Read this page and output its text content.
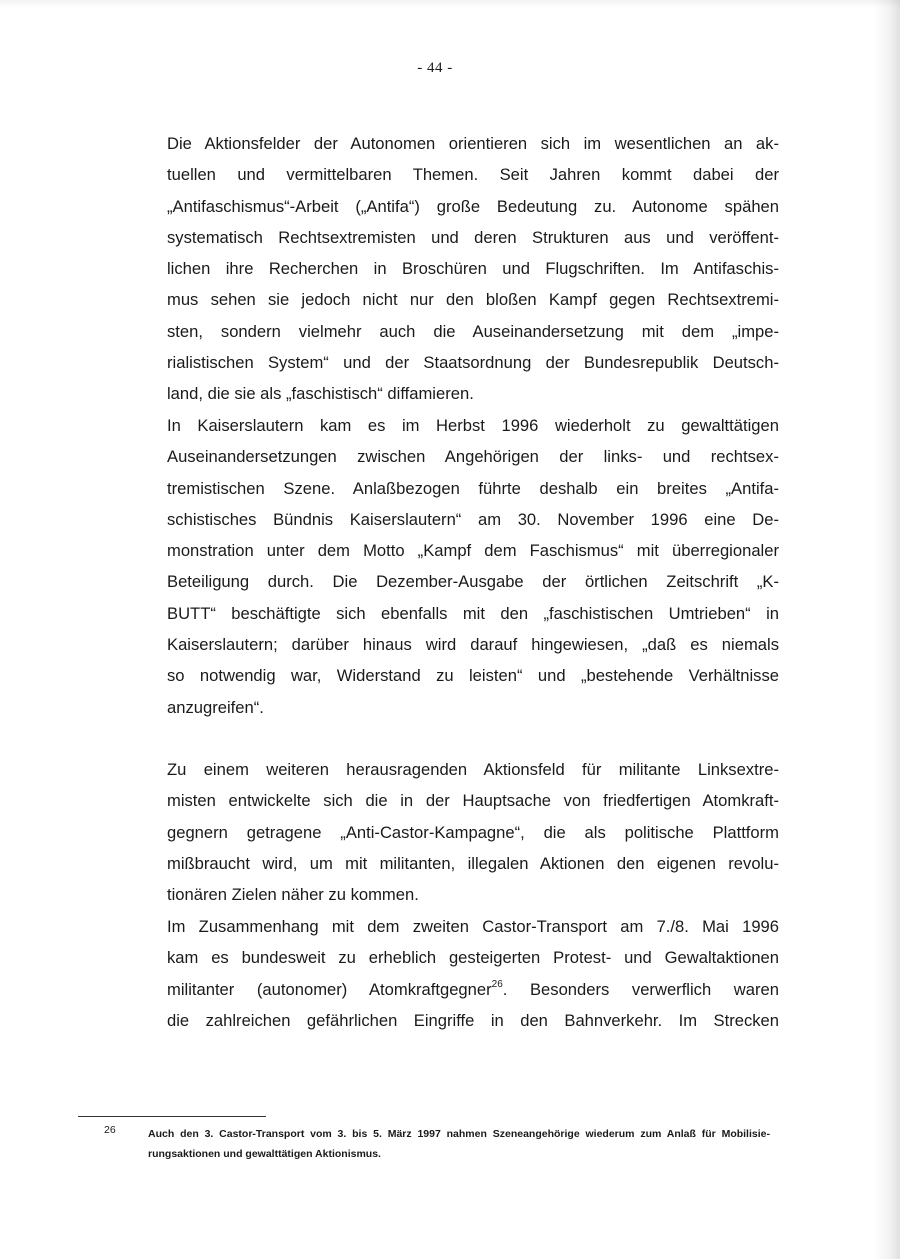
- 44 -
Die Aktionsfelder der Autonomen orientieren sich im wesentlichen an ak-
tuellen und vermittelbaren Themen. Seit Jahren kommt dabei der
„Antifaschismus“-Arbeit („Antifa“) große Bedeutung zu. Autonome spähen
systematisch Rechtsextremisten und deren Strukturen aus und veröffent-
lichen ihre Recherchen in Broschüren und Flugschriften. Im Antifaschis-
mus sehen sie jedoch nicht nur den bloßen Kampf gegen Rechtsextremi-
sten, sondern vielmehr auch die Auseinandersetzung mit dem „impe-
rialistischen System“ und der Staatsordnung der Bundesrepublik Deutsch-
land, die sie als „faschistisch“ diffamieren.
In Kaiserslautern kam es im Herbst 1996 wiederholt zu gewalttätigen
Auseinandersetzungen zwischen Angehörigen der links- und rechtsex-
tremistischen Szene. Anlaßbezogen führte deshalb ein breites „Antifa-
schistisches Bündnis Kaiserslautern“ am 30. November 1996 eine De-
monstration unter dem Motto „Kampf dem Faschismus“ mit überregionaler
Beteiligung durch. Die Dezember-Ausgabe der örtlichen Zeitschrift „K-
BUTT“ beschäftigte sich ebenfalls mit den „faschistischen Umtrieben“ in
Kaiserslautern; darüber hinaus wird darauf hingewiesen, „daß es niemals
so notwendig war, Widerstand zu leisten“ und „bestehende Verhältnisse
anzugreifen“.
Zu einem weiteren herausragenden Aktionsfeld für militante Linksextre-
misten entwickelte sich die in der Hauptsache von friedfertigen Atomkraft-
gegnern getragene „Anti-Castor-Kampagne“, die als politische Plattform
mißbraucht wird, um mit militanten, illegalen Aktionen den eigenen revolu-
tionären Zielen näher zu kommen.
Im Zusammenhang mit dem zweiten Castor-Transport am 7./8. Mai 1996
kam es bundesweit zu erheblich gesteigerten Protest- und Gewaltaktionen
militanter (autonomer) Atomkraftgegner$^{26}$. Besonders verwerflich waren
die zahlreichen gefährlichen Eingriffe in den Bahnverkehr. Im Strecken
26	Auch den 3. Castor-Transport vom 3. bis 5. März 1997 nahmen Szeneangehörige wiederum zum Anlaß für Mobilisie-
rungsaktionen und gewalttätigen Aktionismus.
